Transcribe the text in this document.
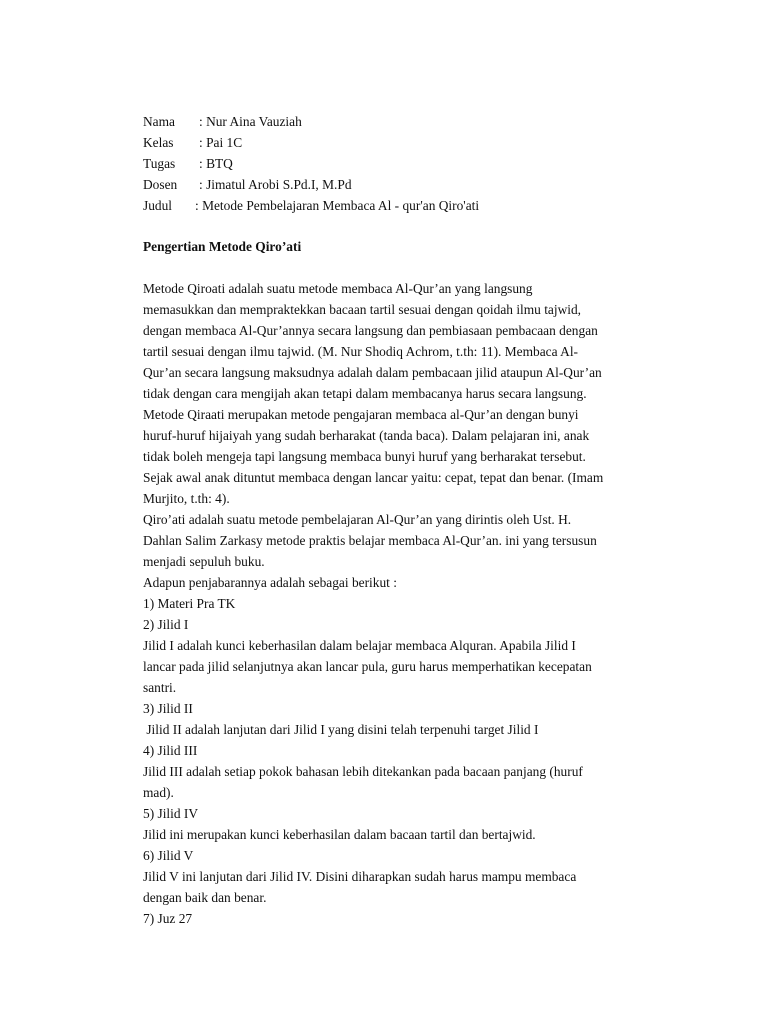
Nama	: Nur Aina Vauziah
Kelas	: Pai 1C
Tugas	: BTQ
Dosen	: Jimatul Arobi S.Pd.I, M.Pd
Judul	: Metode Pembelajaran Membaca Al - qur'an Qiro'ati
Pengertian Metode Qiro’ati
Metode Qiroati adalah suatu metode membaca Al-Qur’an yang langsung
memasukkan dan mempraktekkan bacaan tartil sesuai dengan qoidah ilmu tajwid,
dengan membaca Al-Qur’annya secara langsung dan pembiasaan pembacaan dengan
tartil sesuai dengan ilmu tajwid. (M. Nur Shodiq Achrom, t.th: 11). Membaca Al-
Qur’an secara langsung maksudnya adalah dalam pembacaan jilid ataupun Al-Qur’an
tidak dengan cara mengijah akan tetapi dalam membacanya harus secara langsung.
Metode Qiraati merupakan metode pengajaran membaca al-Qur’an dengan bunyi
huruf-huruf hijaiyah yang sudah berharakat (tanda baca). Dalam pelajaran ini, anak
tidak boleh mengeja tapi langsung membaca bunyi huruf yang berharakat tersebut.
Sejak awal anak dituntut membaca dengan lancar yaitu: cepat, tepat dan benar. (Imam
Murjito, t.th: 4).
Qiro’ati adalah suatu metode pembelajaran Al-Qur’an yang dirintis oleh Ust. H.
Dahlan Salim Zarkasy metode praktis belajar membaca Al-Qur’an. ini yang tersusun
menjadi sepuluh buku.
Adapun penjabarannya adalah sebagai berikut :
1) Materi Pra TK
2) Jilid I
Jilid I adalah kunci keberhasilan dalam belajar membaca Alquran. Apabila Jilid I
lancar pada jilid selanjutnya akan lancar pula, guru harus memperhatikan kecepatan
santri.
3) Jilid II
Jilid II adalah lanjutan dari Jilid I yang disini telah terpenuhi target Jilid I
4) Jilid III
Jilid III adalah setiap pokok bahasan lebih ditekankan pada bacaan panjang (huruf
mad).
5) Jilid IV
Jilid ini merupakan kunci keberhasilan dalam bacaan tartil dan bertajwid.
6) Jilid V
Jilid V ini lanjutan dari Jilid IV. Disini diharapkan sudah harus mampu membaca
dengan baik dan benar.
7) Juz 27
